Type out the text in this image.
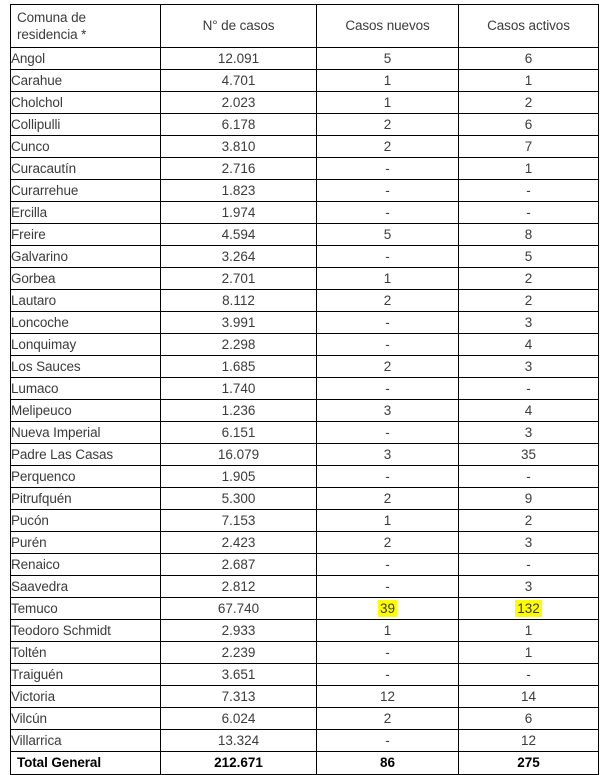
Comuna de
residencia *	N° de casos	Casos nuevos	Casos activos
Angol	12.091	5	6
Carahue	4.701	1	1
Cholchol	2.023	1	2
Collipulli	6.178	2	6
Cunco	3.810	2	7
Curacautín	2.716	-	1
Curarrehue	1.823	-	-
Ercilla	1.974	-	-
Freire	4.594	5	8
Galvarino	3.264	-	5
Gorbea	2.701	1	2
Lautaro	8.112	2	2
Loncoche	3.991	-	3
Lonquimay	2.298	-	4
Los Sauces	1.685	2	3
Lumaco	1.740	-	-
Melipeuco	1.236	3	4
Nueva Imperial	6.151	-	3
Padre Las Casas	16.079	3	35
Perquenco	1.905	-	-
Pitrufquén	5.300	2	9
Pucón	7.153	1	2
Purén	2.423	2	3
Renaico	2.687	-	-
Saavedra	2.812	-	3
Temuco	67.740	39	132
Teodoro Schmidt	2.933	1	1
Toltén	2.239	-	1
Traiguén	3.651	-	-
Victoria	7.313	12	14
Vilcún	6.024	2	6
Villarrica	13.324	-	12
Total General	212.671	86	275
